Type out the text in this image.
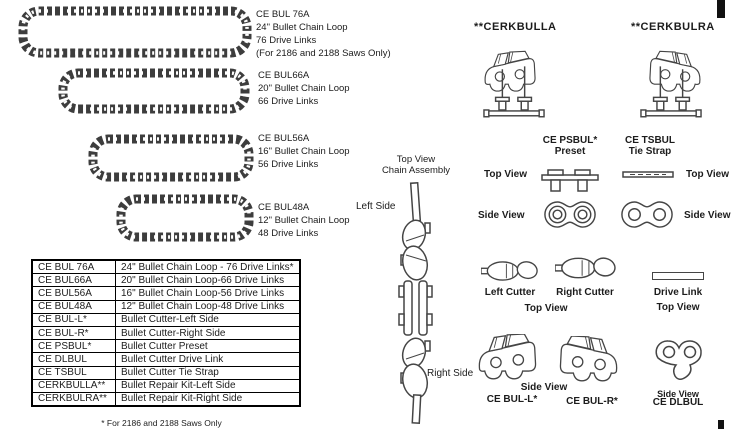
CE BUL 76A
24" Bullet Chain Loop
76 Drive Links
(For 2186 and 2188 Saws Only)
CE BUL66A
20" Bullet Chain Loop
66 Drive Links
CE BUL56A
16" Bullet Chain Loop
56 Drive Links
CE BUL48A
12" Bullet Chain Loop
48 Drive Links
CE BUL 76A	24" Bullet Chain Loop - 76 Drive Links*
CE BUL66A	20" Bullet Chain Loop-66 Drive Links
CE BUL56A	16" Bullet Chain Loop-56 Drive Links
CE BUL48A	12" Bullet Chain Loop-48 Drive Links
CE BUL-L*	Bullet Cutter-Left Side
CE BUL-R*	Bullet Cutter-Right Side
CE PSBUL*	Bullet Cutter Preset
CE DLBUL	Bullet Cutter Drive Link
CE TSBUL	Bullet Cutter Tie Strap
CERKBULLA**	Bullet Repair Kit-Left Side
CERKBULRA**	Bullet Repair Kit-Right Side
* For 2186 and 2188 Saws Only
Top View
Chain Assembly
Left Side
Right Side
**CERKBULLA	**CERKBULRA
CE PSBUL*
Preset
CE TSBUL
Tie Strap
Top View	Top View
Side View	Side View
Left Cutter	Right Cutter	Drive Link
Top View	Top View
Side View
CE BUL-L*	CE BUL-R*
Side View
CE DLBUL
